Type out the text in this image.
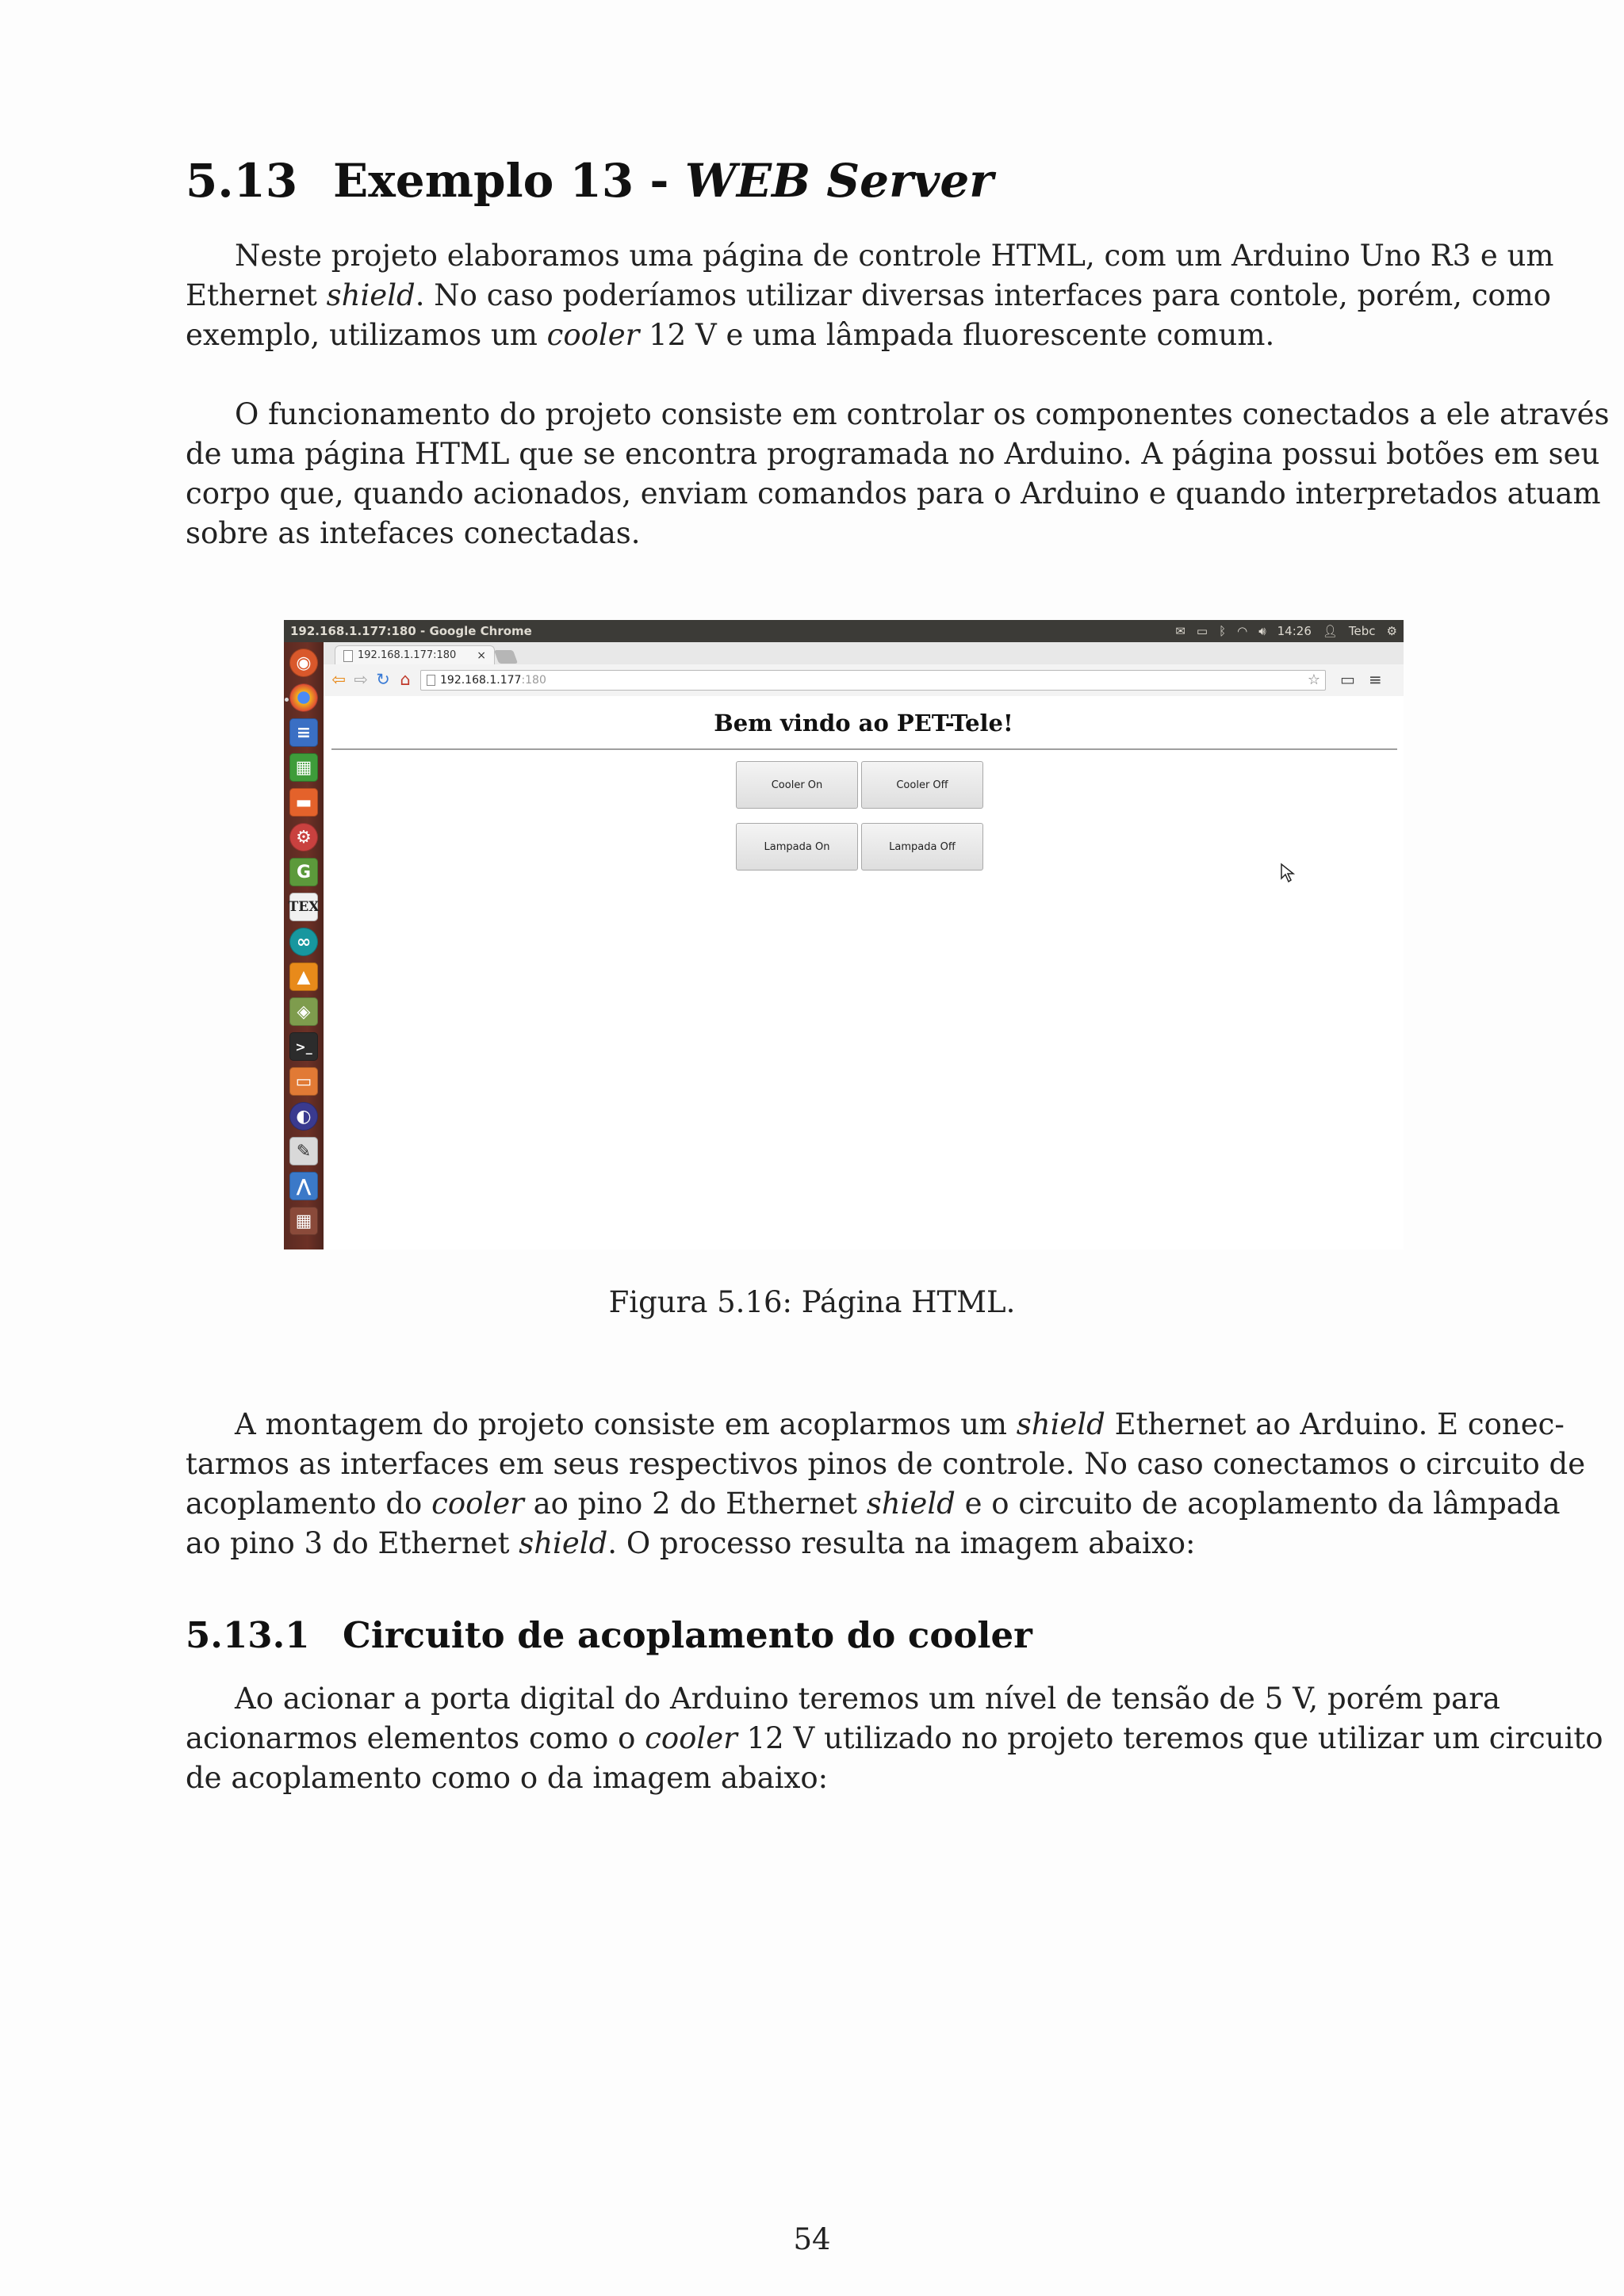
5.13 Exemplo 13 - WEB Server

Neste projeto elaboramos uma página de controle HTML, com um Arduino Uno R3 e um
Ethernet shield. No caso poderíamos utilizar diversas interfaces para contole, porém, como
exemplo, utilizamos um cooler 12 V e uma lâmpada fluorescente comum.

O funcionamento do projeto consiste em controlar os componentes conectados a ele através
de uma página HTML que se encontra programada no Arduino. A página possui botões em seu
corpo que, quando acionados, enviam comandos para o Arduino e quando interpretados atuam
sobre as intefaces conectadas.

192.168.1.177:180 - Google Chrome	✉ ▭ ᛒ ◠ 🔊︎ 14:26 👤︎ Tebc ⚙
◉
≡
▦
▬
⚙
G
TEX
∞
▲
◈
>_
▭
◐
✎
⋀
▦
192.168.1.177:180 ×
⇦ ⇨ ↻ ⌂	192.168.1.177:180	☆ ▭ ≡
Bem vindo ao PET-Tele!
Cooler On	Cooler Off
Lampada On	Lampada Off

Figura 5.16: Página HTML.

A montagem do projeto consiste em acoplarmos um shield Ethernet ao Arduino. E conec-
tarmos as interfaces em seus respectivos pinos de controle. No caso conectamos o circuito de
acoplamento do cooler ao pino 2 do Ethernet shield e o circuito de acoplamento da lâmpada
ao pino 3 do Ethernet shield. O processo resulta na imagem abaixo:

5.13.1 Circuito de acoplamento do cooler

Ao acionar a porta digital do Arduino teremos um nível de tensão de 5 V, porém para
acionarmos elementos como o cooler 12 V utilizado no projeto teremos que utilizar um circuito
de acoplamento como o da imagem abaixo:

54
